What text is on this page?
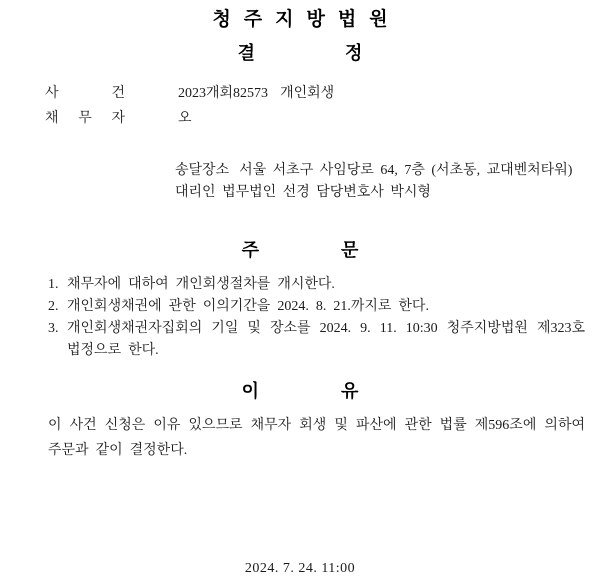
청주지방법원
결	정
사	건	2023개회82573 개인회생
채 무 자	오
송달장소 서울 서초구 사임당로 64, 7층 (서초동, 교대벤처타워)
대리인 법무법인 선경 담당변호사 박시형
주	문
1. 채무자에 대하여 개인회생절차를 개시한다.
2. 개인회생채권에 관한 이의기간을 2024. 8. 21.까지로 한다.
3. 개인회생채권자집회의 기일 및 장소를 2024. 9. 11. 10:30 청주지방법원 제323호 법정으로 한다.
이	유
이 사건 신청은 이유 있으므로 채무자 회생 및 파산에 관한 법률 제596조에 의하여 주문과 같이 결정한다.
2024. 7. 24. 11:00
